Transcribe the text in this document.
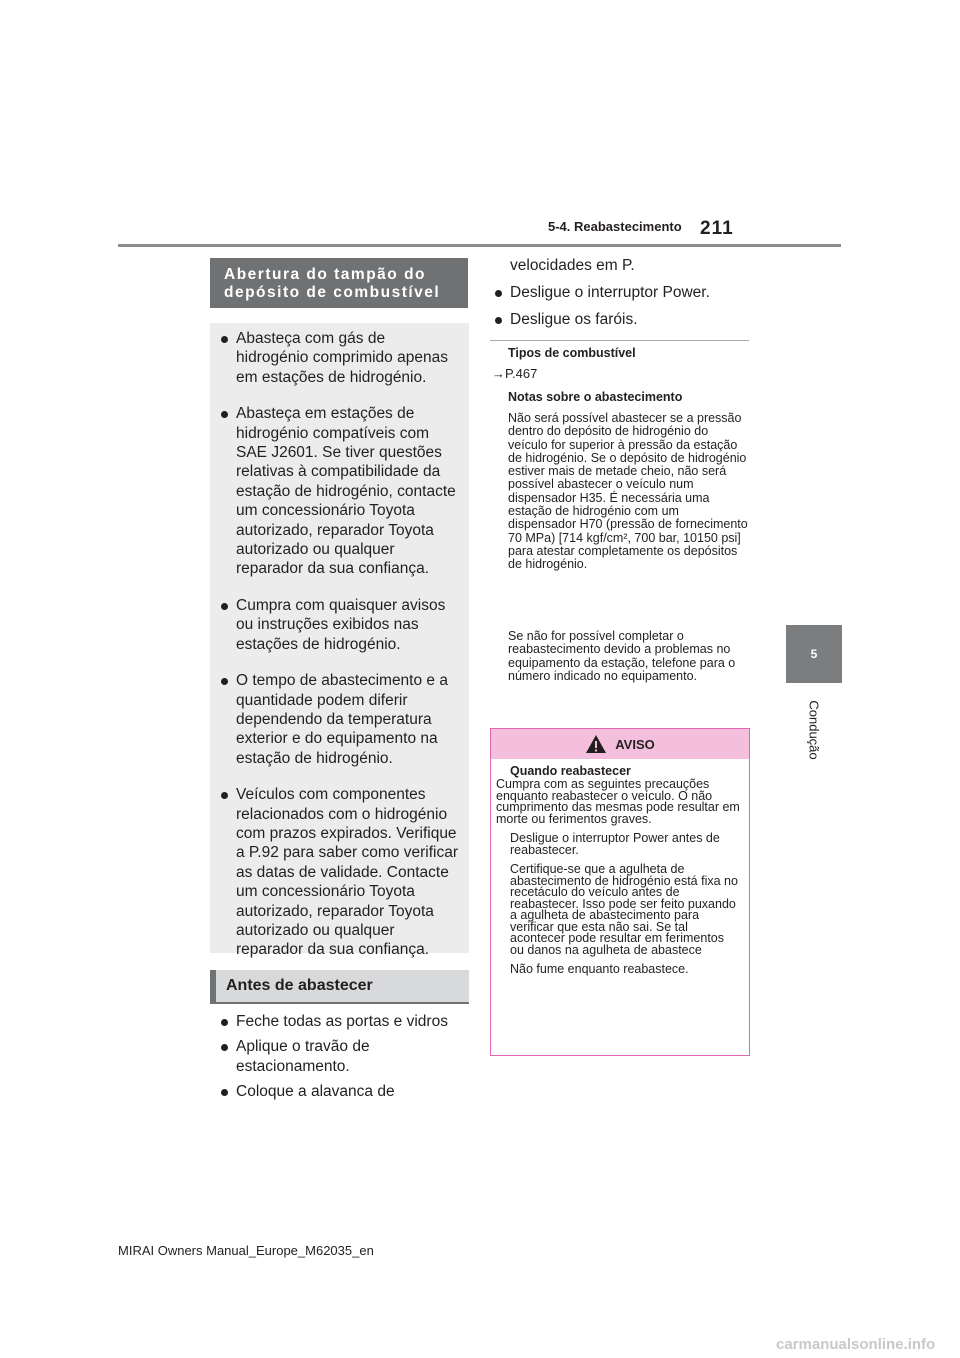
5-4. Reabastecimento 211
5
Condução
Abertura do tampão do depósito de combustível
Abasteça com gás de hidrogénio comprimido apenas em estações de hidrogénio.
Abasteça em estações de hidrogénio compatíveis com SAE J2601. Se tiver questões relativas à compatibilidade da estação de hidrogénio, contacte um concessionário Toyota autorizado, reparador Toyota autorizado ou qualquer reparador da sua confiança.
Cumpra com quaisquer avisos ou instruções exibidos nas estações de hidrogénio.
O tempo de abastecimento e a quantidade podem diferir dependendo da temperatura exterior e do equipamento na estação de hidrogénio.
Veículos com componentes relacionados com o hidrogénio com prazos expirados. Verifique a P.92 para saber como verificar as datas de validade. Contacte um concessionário Toyota autorizado, reparador Toyota autorizado ou qualquer reparador da sua confiança.
Antes de abastecer
Feche todas as portas e vidros
Aplique o travão de estacionamento.
Coloque a alavanca de
velocidades em P.
Desligue o interruptor Power.
Desligue os faróis.
Tipos de combustível
→P.467
Notas sobre o abastecimento
Não será possível abastecer se a pressão dentro do depósito de hidrogénio do veículo for superior à pressão da estação de hidrogénio. Se o depósito de hidrogénio estiver mais de metade cheio, não será possível abastecer o veículo num dispensador H35. É necessária uma estação de hidrogénio com um dispensador H70 (pressão de fornecimento 70 MPa) [714 kgf/cm², 700 bar, 10150 psi] para atestar completamente os depósitos de hidrogénio.
Se não for possível completar o reabastecimento devido a problemas no equipamento da estação, telefone para o número indicado no equipamento.
AVISO
Quando reabastecer
Cumpra com as seguintes precauções enquanto reabastecer o veículo. O não cumprimento das mesmas pode resultar em morte ou ferimentos graves.
Desligue o interruptor Power antes de reabastecer.
Certifique-se que a agulheta de abastecimento de hidrogénio está fixa no recetáculo do veículo antes de reabastecer. Isso pode ser feito puxando a agulheta de abastecimento para verificar que esta não sai. Se tal acontecer pode resultar em ferimentos ou danos na agulheta de abastece
Não fume enquanto reabastece.
MIRAI Owners Manual_Europe_M62035_en
carmanualsonline.info
